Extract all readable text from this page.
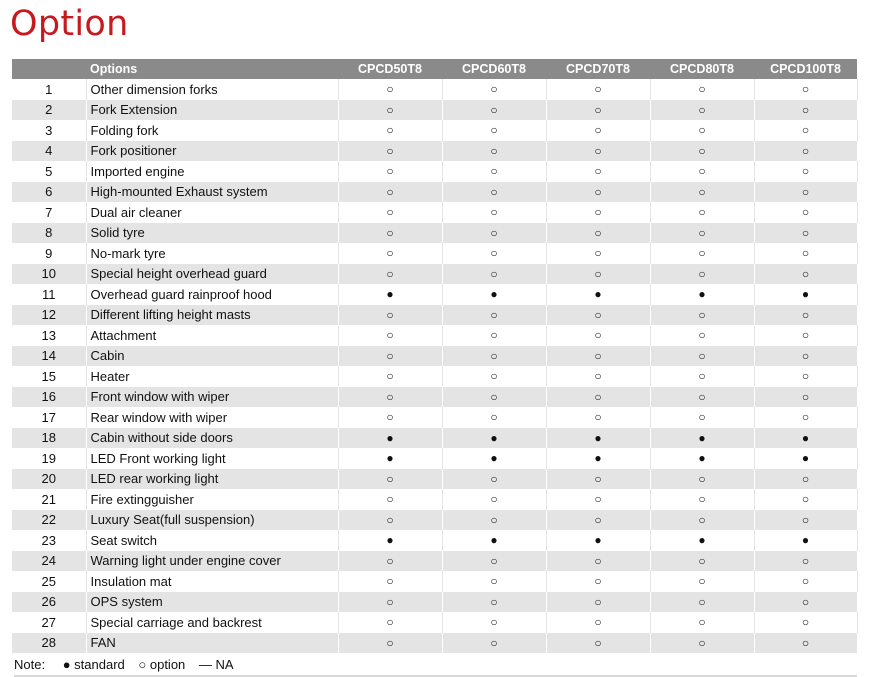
Option
	Options	CPCD50T8	CPCD60T8	CPCD70T8	CPCD80T8	CPCD100T8
1	Other dimension forks	○	○	○	○	○
2	Fork Extension	○	○	○	○	○
3	Folding fork	○	○	○	○	○
4	Fork positioner	○	○	○	○	○
5	Imported engine	○	○	○	○	○
6	High-mounted Exhaust system	○	○	○	○	○
7	Dual air cleaner	○	○	○	○	○
8	Solid tyre	○	○	○	○	○
9	No-mark tyre	○	○	○	○	○
10	Special height overhead guard	○	○	○	○	○
11	Overhead guard rainproof hood	●	●	●	●	●
12	Different lifting height masts	○	○	○	○	○
13	Attachment	○	○	○	○	○
14	Cabin	○	○	○	○	○
15	Heater	○	○	○	○	○
16	Front window with wiper	○	○	○	○	○
17	Rear window with wiper	○	○	○	○	○
18	Cabin without side doors	●	●	●	●	●
19	LED Front working light	●	●	●	●	●
20	LED rear working light	○	○	○	○	○
21	Fire extingguisher	○	○	○	○	○
22	Luxury Seat(full suspension)	○	○	○	○	○
23	Seat switch	●	●	●	●	●
24	Warning light under engine cover	○	○	○	○	○
25	Insulation mat	○	○	○	○	○
26	OPS system	○	○	○	○	○
27	Special carriage and backrest	○	○	○	○	○
28	FAN	○	○	○	○	○
Note: ● standard ○ option — NA
